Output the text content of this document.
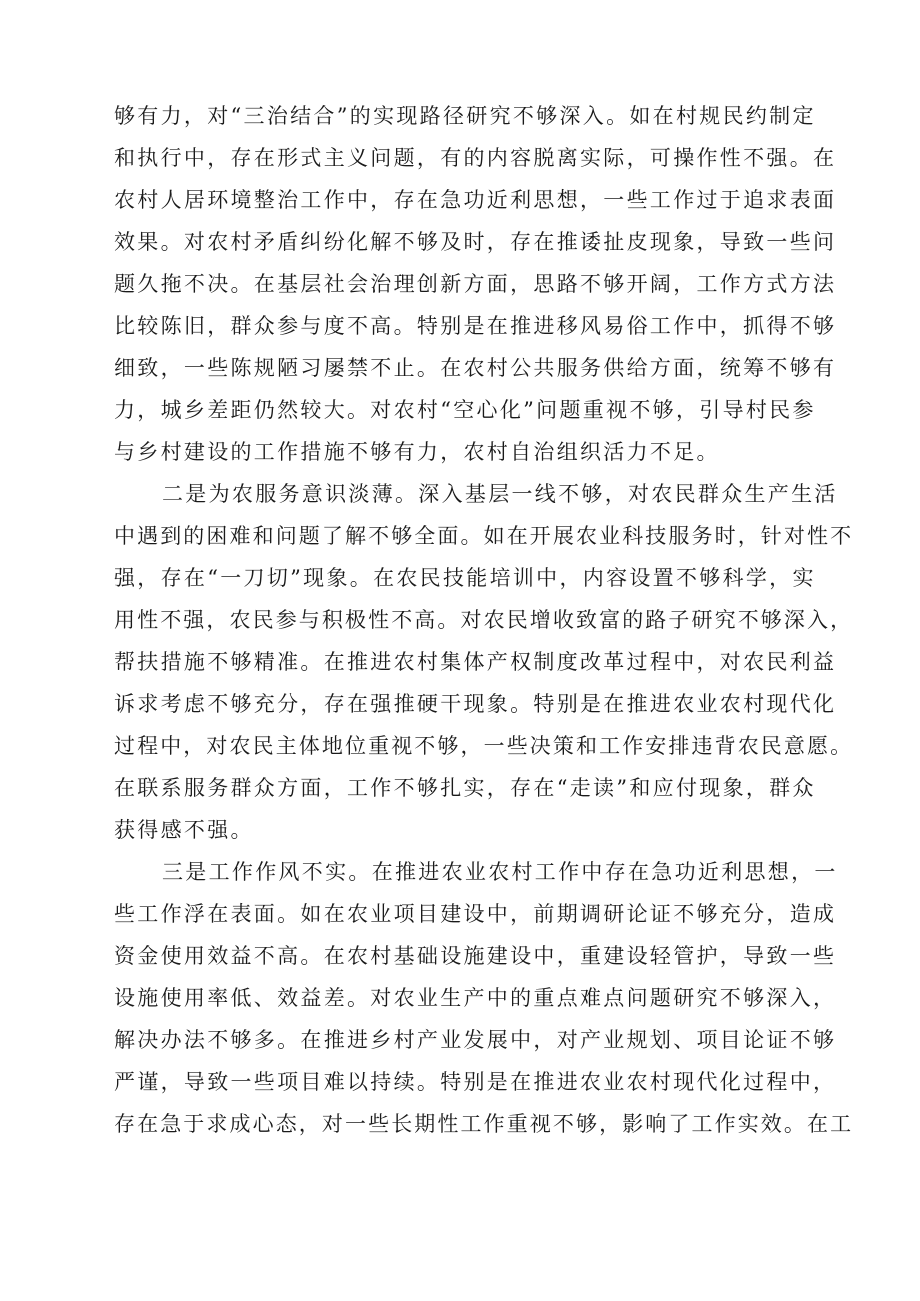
够有力，对“三治结合”的实现路径研究不够深入。如在村规民约制定
和执行中，存在形式主义问题，有的内容脱离实际，可操作性不强。在
农村人居环境整治工作中，存在急功近利思想，一些工作过于追求表面
效果。对农村矛盾纠纷化解不够及时，存在推诿扯皮现象，导致一些问
题久拖不决。在基层社会治理创新方面，思路不够开阔，工作方式方法
比较陈旧，群众参与度不高。特别是在推进移风易俗工作中，抓得不够
细致，一些陈规陋习屡禁不止。在农村公共服务供给方面，统筹不够有
力，城乡差距仍然较大。对农村“空心化”问题重视不够，引导村民参
与乡村建设的工作措施不够有力，农村自治组织活力不足。
二是为农服务意识淡薄。深入基层一线不够，对农民群众生产生活
中遇到的困难和问题了解不够全面。如在开展农业科技服务时，针对性不
强，存在“一刀切”现象。在农民技能培训中，内容设置不够科学，实
用性不强，农民参与积极性不高。对农民增收致富的路子研究不够深入，
帮扶措施不够精准。在推进农村集体产权制度改革过程中，对农民利益
诉求考虑不够充分，存在强推硬干现象。特别是在推进农业农村现代化
过程中，对农民主体地位重视不够，一些决策和工作安排违背农民意愿。
在联系服务群众方面，工作不够扎实，存在“走读”和应付现象，群众
获得感不强。
三是工作作风不实。在推进农业农村工作中存在急功近利思想，一
些工作浮在表面。如在农业项目建设中，前期调研论证不够充分，造成
资金使用效益不高。在农村基础设施建设中，重建设轻管护，导致一些
设施使用率低、效益差。对农业生产中的重点难点问题研究不够深入，
解决办法不够多。在推进乡村产业发展中，对产业规划、项目论证不够
严谨，导致一些项目难以持续。特别是在推进农业农村现代化过程中，
存在急于求成心态，对一些长期性工作重视不够，影响了工作实效。在工
